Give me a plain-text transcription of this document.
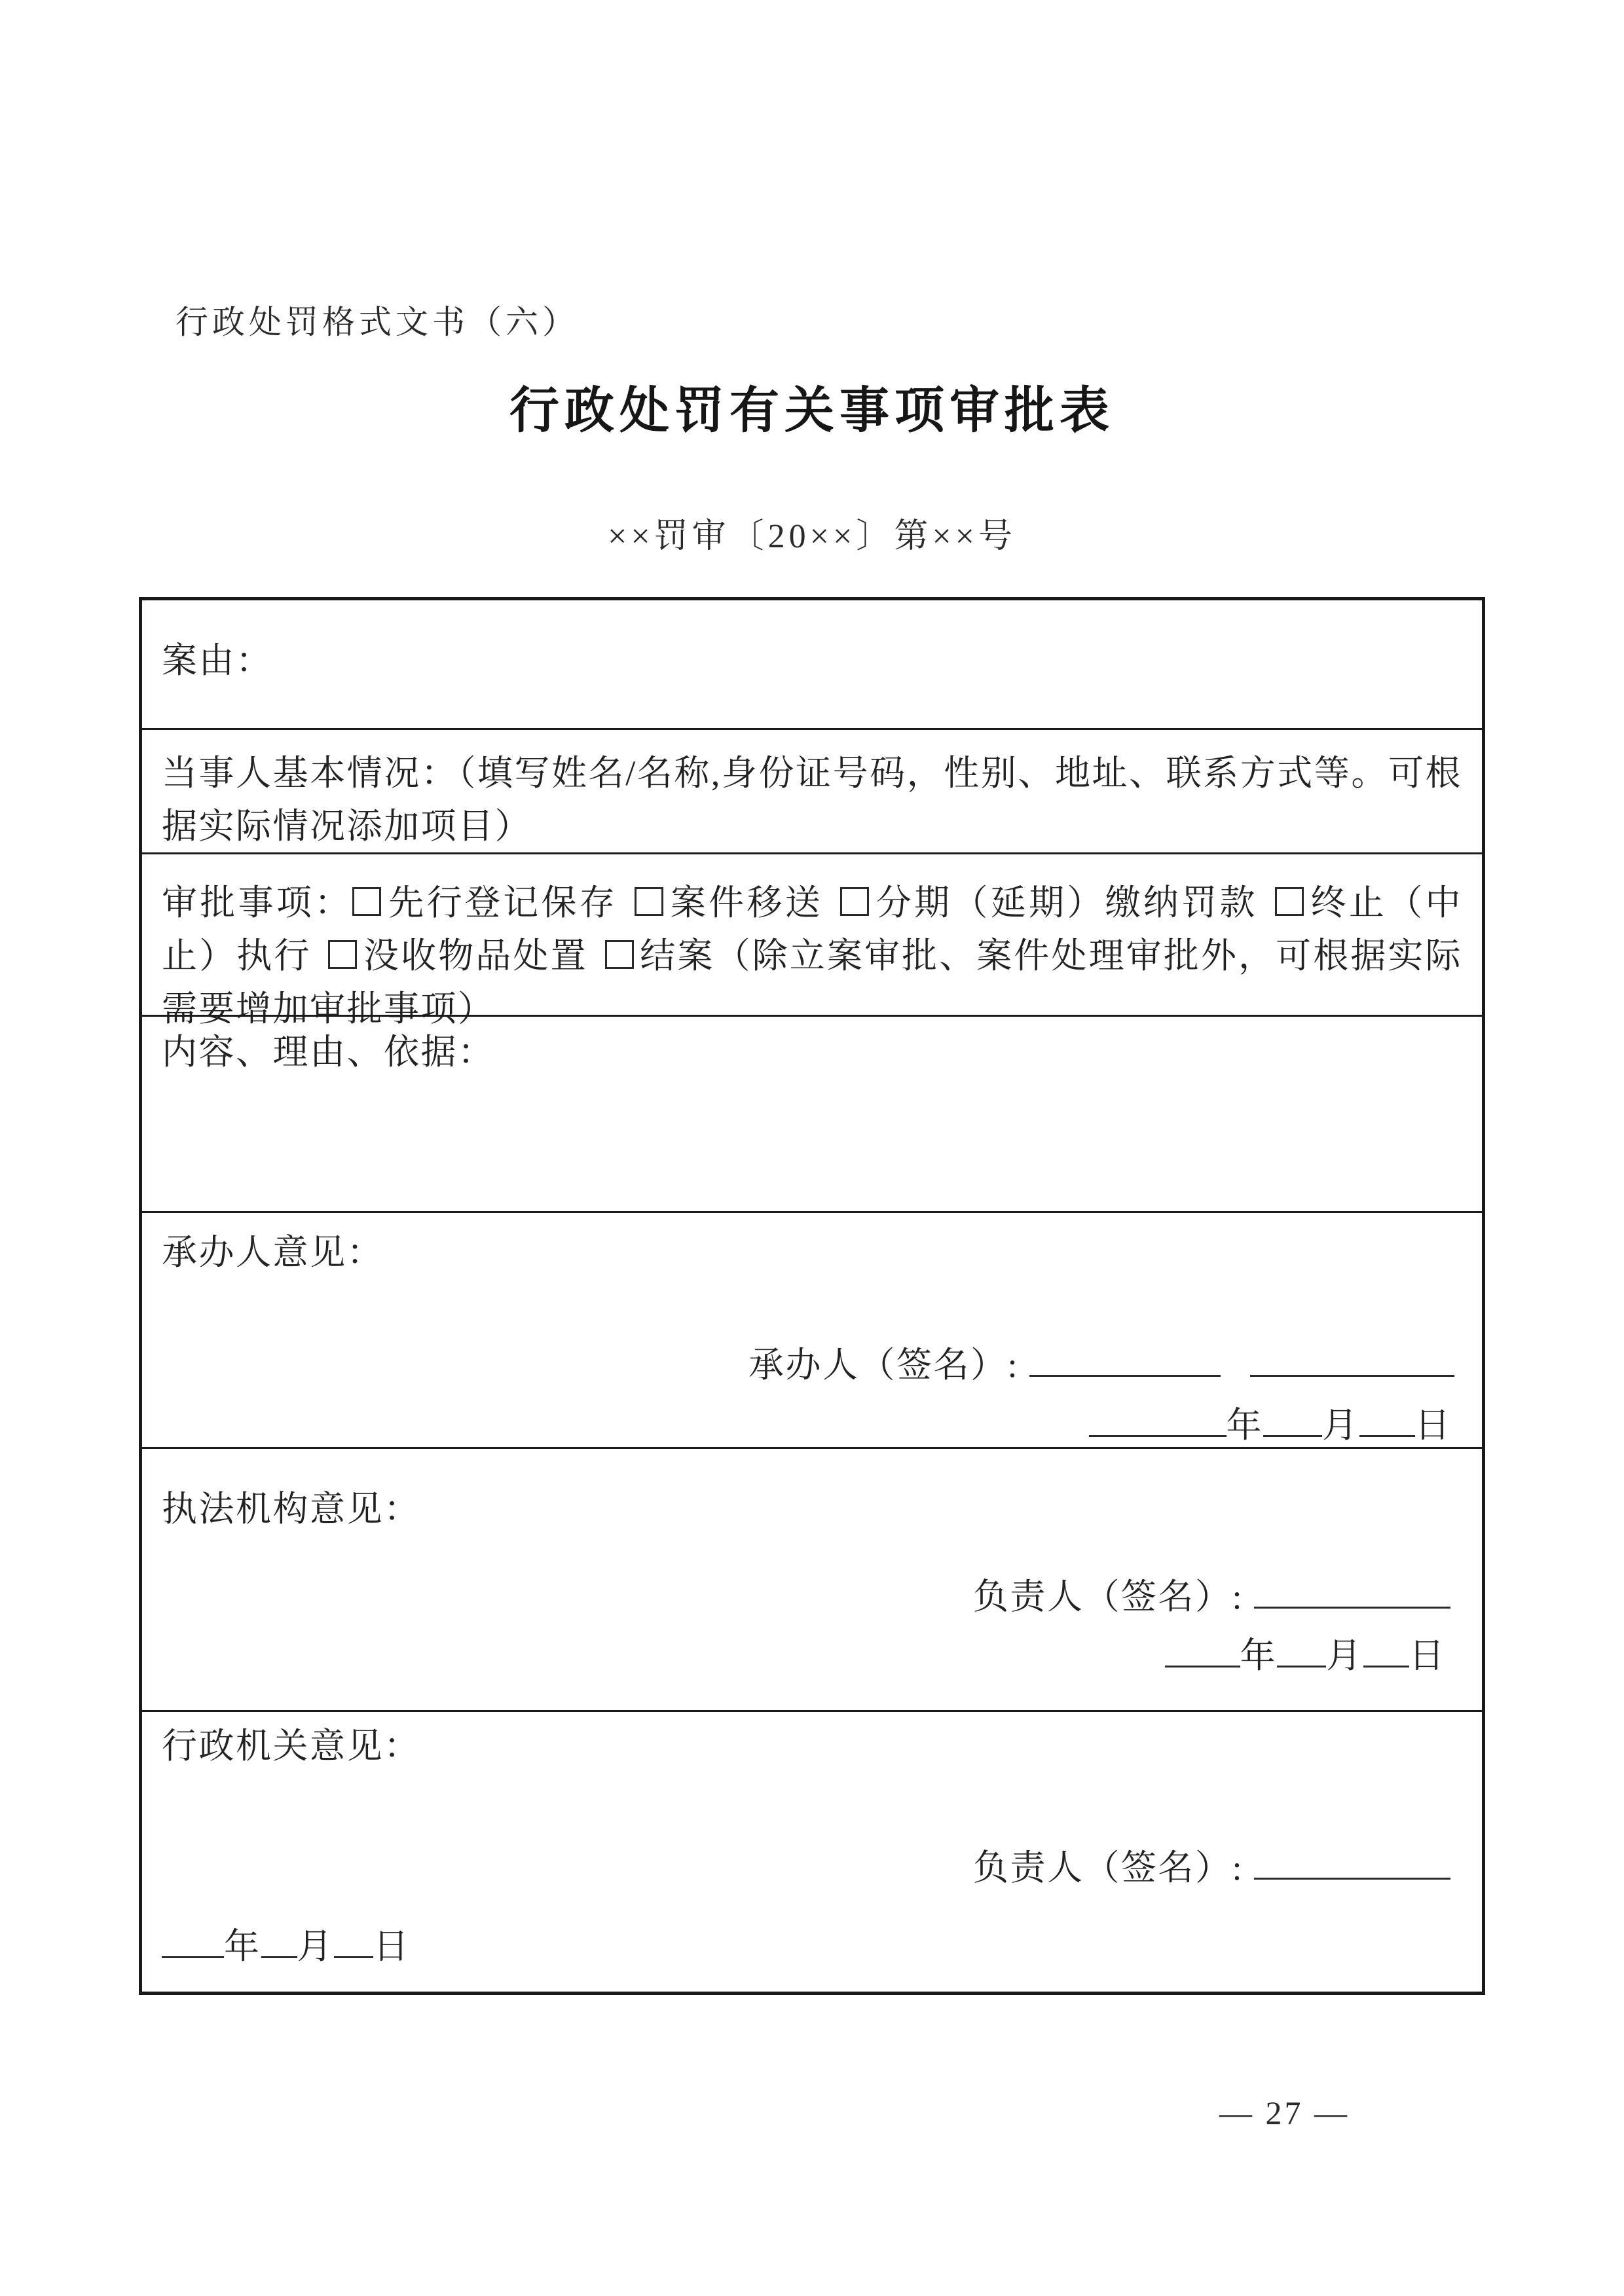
行政处罚格式文书（六）
行政处罚有关事项审批表
××罚审〔20××〕第××号
案由：
当事人基本情况：（填写姓名/名称,身份证号码，性别、地址、联系方式等。可根据实际情况添加项目）
审批事项： 先行登记保存 案件移送 分期（延期）缴纳罚款 终止（中止）执行 没收物品处置 结案（除立案审批、案件处理审批外，可根据实际需要增加审批事项）
内容、理由、依据：
承办人意见：
承办人（签名）:
年 月 日
执法机构意见：
负责人（签名）:
年 月 日
行政机关意见：
负责人（签名）:
年 月 日
— 27 —
